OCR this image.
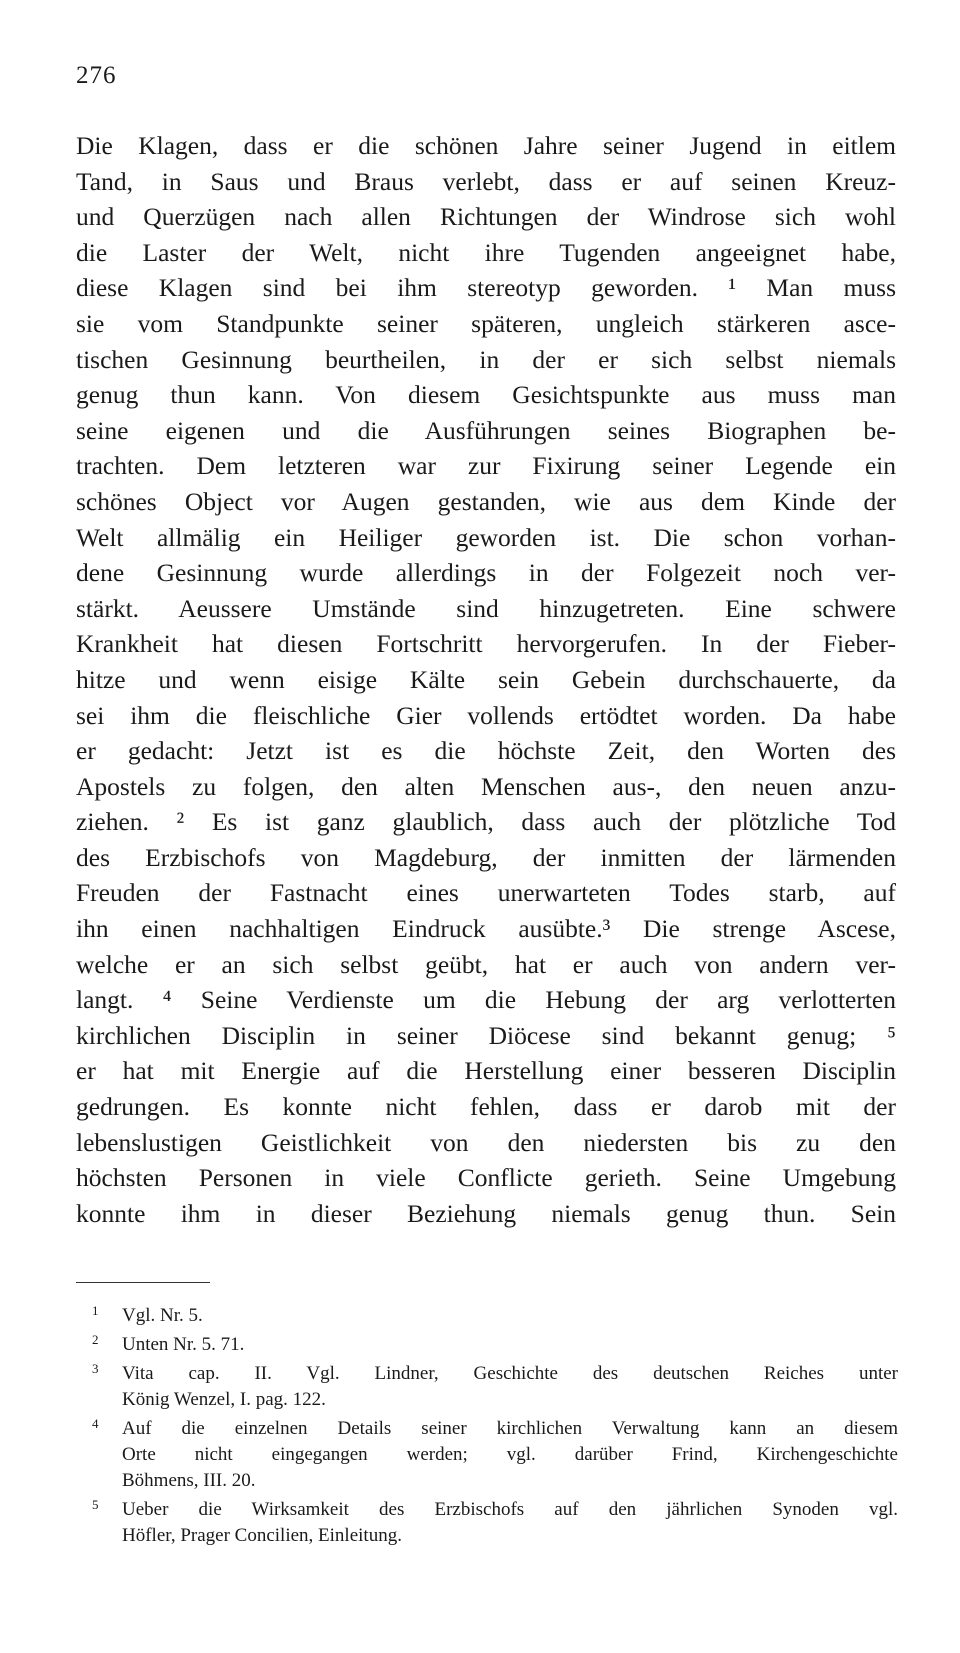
276
Die Klagen, dass er die schönen Jahre seiner Jugend in eitlem
Tand, in Saus und Braus verlebt, dass er auf seinen Kreuz-
und Querzügen nach allen Richtungen der Windrose sich wohl
die Laster der Welt, nicht ihre Tugenden angeeignet habe,
diese Klagen sind bei ihm stereotyp geworden. ¹ Man muss
sie vom Standpunkte seiner späteren, ungleich stärkeren asce-
tischen Gesinnung beurtheilen, in der er sich selbst niemals
genug thun kann. Von diesem Gesichtspunkte aus muss man
seine eigenen und die Ausführungen seines Biographen be-
trachten. Dem letzteren war zur Fixirung seiner Legende ein
schönes Object vor Augen gestanden, wie aus dem Kinde der
Welt allmälig ein Heiliger geworden ist. Die schon vorhan-
dene Gesinnung wurde allerdings in der Folgezeit noch ver-
stärkt. Aeussere Umstände sind hinzugetreten. Eine schwere
Krankheit hat diesen Fortschritt hervorgerufen. In der Fieber-
hitze und wenn eisige Kälte sein Gebein durchschauerte, da
sei ihm die fleischliche Gier vollends ertödtet worden. Da habe
er gedacht: Jetzt ist es die höchste Zeit, den Worten des
Apostels zu folgen, den alten Menschen aus-, den neuen anzu-
ziehen. ² Es ist ganz glaublich, dass auch der plötzliche Tod
des Erzbischofs von Magdeburg, der inmitten der lärmenden
Freuden der Fastnacht eines unerwarteten Todes starb, auf
ihn einen nachhaltigen Eindruck ausübte.³ Die strenge Ascese,
welche er an sich selbst geübt, hat er auch von andern ver-
langt. ⁴ Seine Verdienste um die Hebung der arg verlotterten
kirchlichen Disciplin in seiner Diöcese sind bekannt genug; ⁵
er hat mit Energie auf die Herstellung einer besseren Disciplin
gedrungen. Es konnte nicht fehlen, dass er darob mit der
lebenslustigen Geistlichkeit von den niedersten bis zu den
höchsten Personen in viele Conflicte gerieth. Seine Umgebung
konnte ihm in dieser Beziehung niemals genug thun. Sein
1 Vgl. Nr. 5.
2 Unten Nr. 5. 71.
3 Vita cap. II. Vgl. Lindner, Geschichte des deutschen Reiches unter
König Wenzel, I. pag. 122.
4 Auf die einzelnen Details seiner kirchlichen Verwaltung kann an diesem
Orte nicht eingegangen werden; vgl. darüber Frind, Kirchengeschichte
Böhmens, III. 20.
5 Ueber die Wirksamkeit des Erzbischofs auf den jährlichen Synoden vgl.
Höfler, Prager Concilien, Einleitung.
